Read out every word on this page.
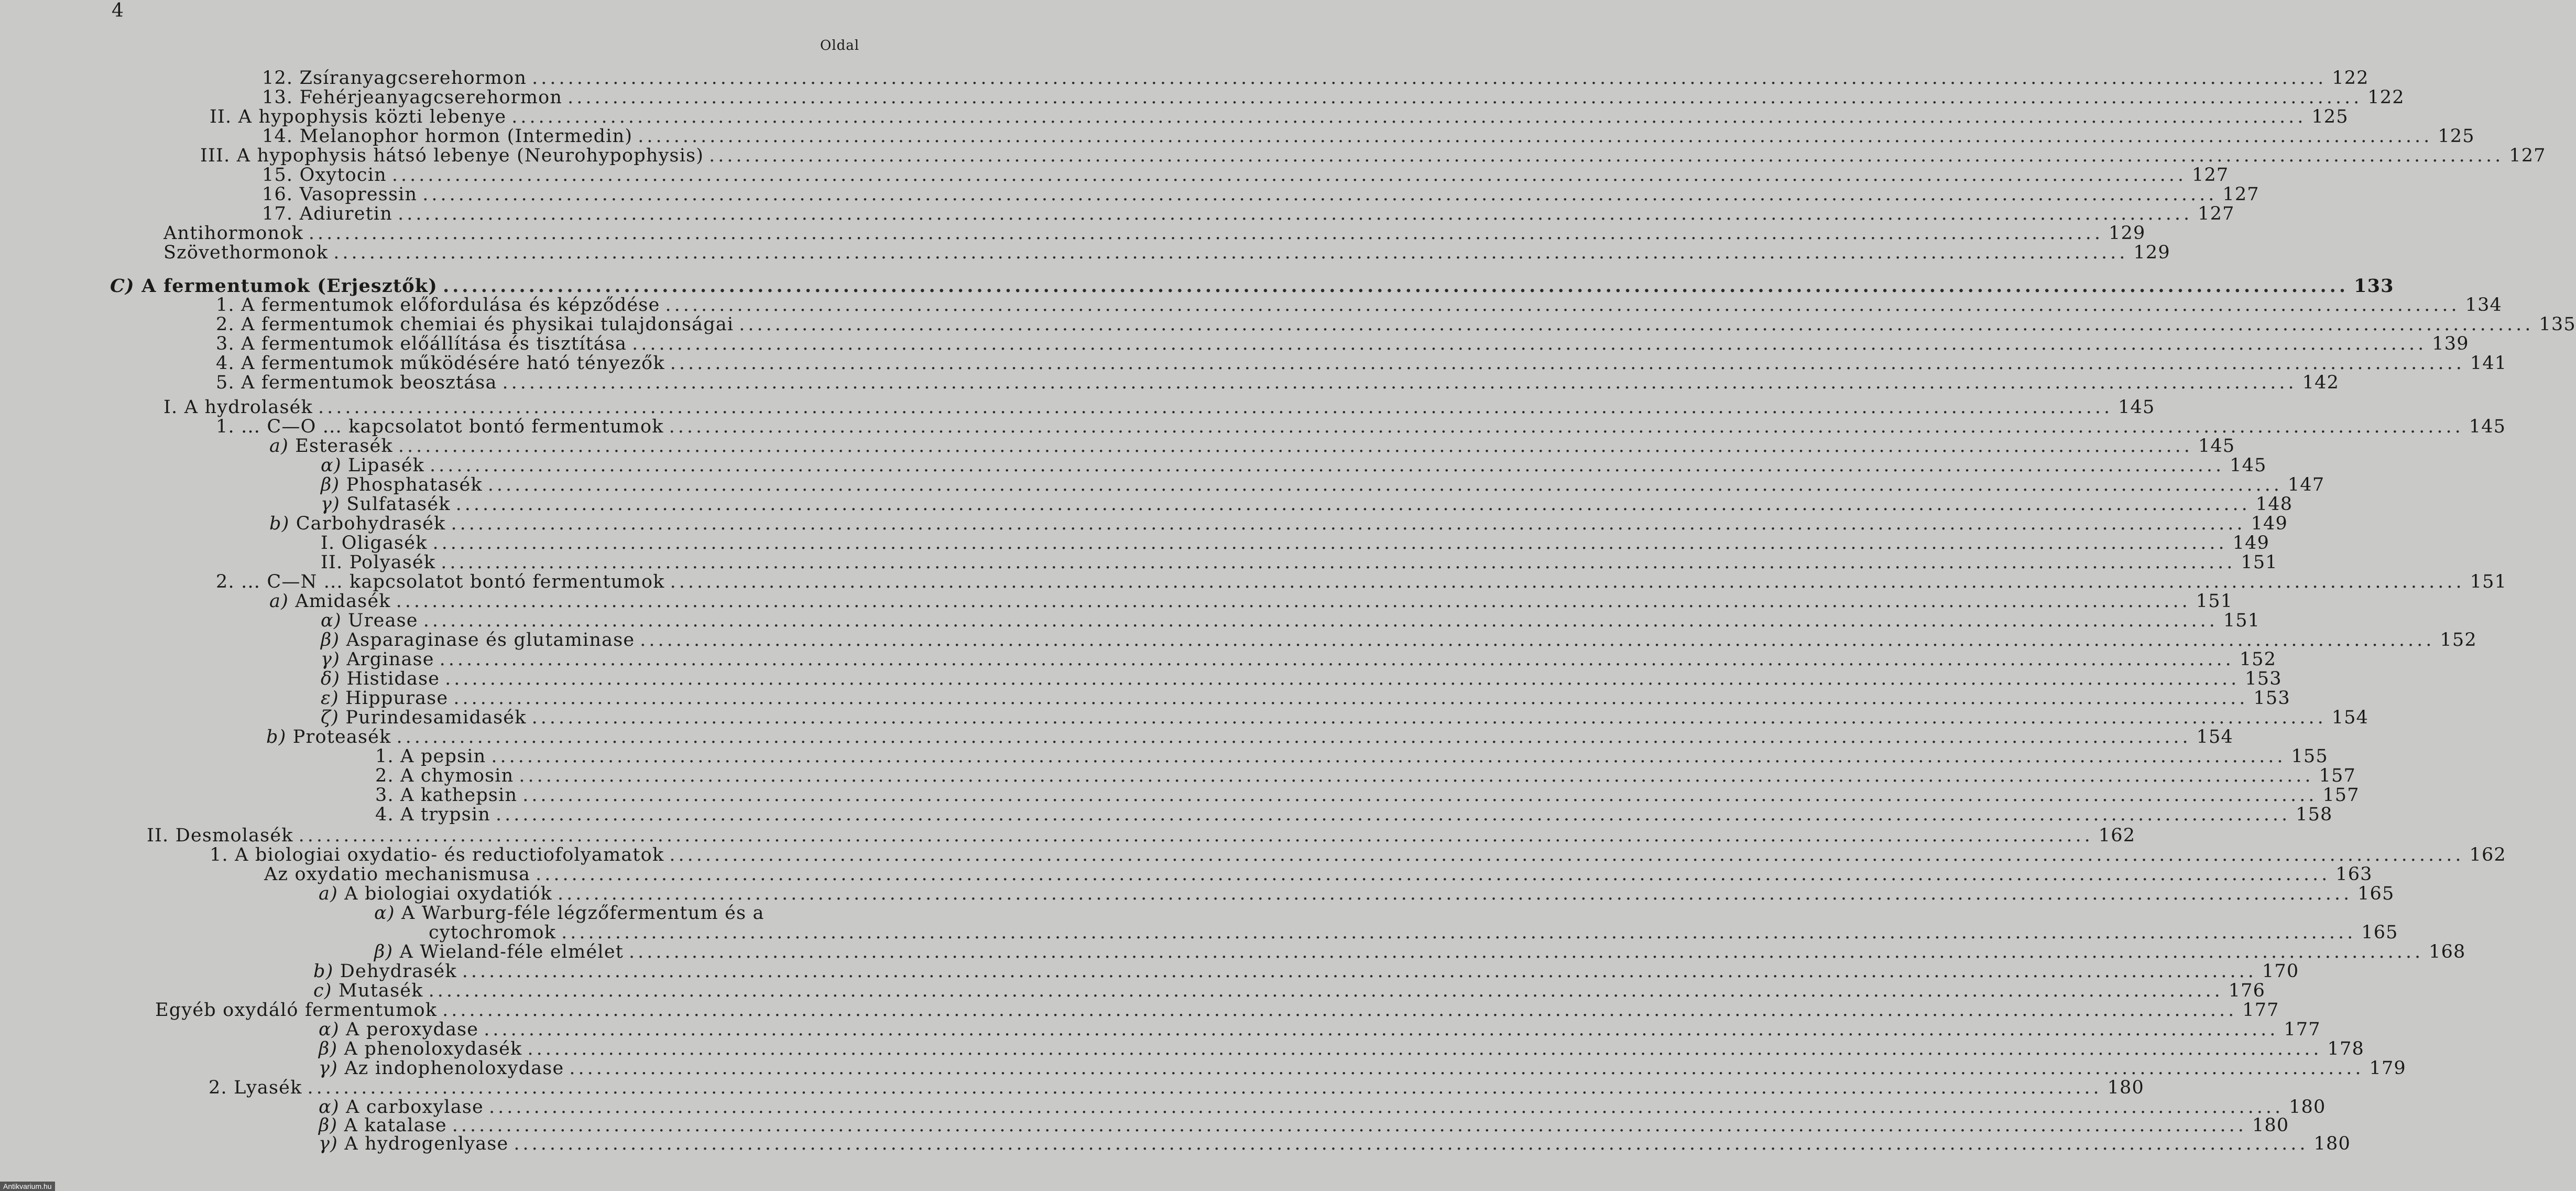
4
Oldal
12. Zsíranyagcserehormon ........................................................................................................................................................................................................ 122
13. Fehérjeanyagcserehormon ........................................................................................................................................................................................................ 122
II. A hypophysis közti lebenye ........................................................................................................................................................................................................ 125
14. Melanophor hormon (Intermedin) ........................................................................................................................................................................................................ 125
III. A hypophysis hátsó lebenye (Neurohypophysis) ........................................................................................................................................................................................................ 127
15. Oxytocin ........................................................................................................................................................................................................ 127
16. Vasopressin ........................................................................................................................................................................................................ 127
17. Adiuretin ........................................................................................................................................................................................................ 127
Antihormonok ........................................................................................................................................................................................................ 129
Szövethormonok ........................................................................................................................................................................................................ 129
C) A fermentumok (Erjesztők) ........................................................................................................................................................................................................ 133
1. A fermentumok előfordulása és képződése ........................................................................................................................................................................................................ 134
2. A fermentumok chemiai és physikai tulajdonságai ........................................................................................................................................................................................................ 135
3. A fermentumok előállítása és tisztítása ........................................................................................................................................................................................................ 139
4. A fermentumok működésére ható tényezők ........................................................................................................................................................................................................ 141
5. A fermentumok beosztása ........................................................................................................................................................................................................ 142
I. A hydrolasék ........................................................................................................................................................................................................ 145
1. ... C—O ... kapcsolatot bontó fermentumok ........................................................................................................................................................................................................ 145
a) Esterasék ........................................................................................................................................................................................................ 145
α) Lipasék ........................................................................................................................................................................................................ 145
β) Phosphatasék ........................................................................................................................................................................................................ 147
γ) Sulfatasék ........................................................................................................................................................................................................ 148
b) Carbohydrasék ........................................................................................................................................................................................................ 149
I. Oligasék ........................................................................................................................................................................................................ 149
II. Polyasék ........................................................................................................................................................................................................ 151
2. ... C—N ... kapcsolatot bontó fermentumok ........................................................................................................................................................................................................ 151
a) Amidasék ........................................................................................................................................................................................................ 151
α) Urease ........................................................................................................................................................................................................ 151
β) Asparaginase és glutaminase ........................................................................................................................................................................................................ 152
γ) Arginase ........................................................................................................................................................................................................ 152
δ) Histidase ........................................................................................................................................................................................................ 153
ε) Hippurase ........................................................................................................................................................................................................ 153
ζ) Purindesamidasék ........................................................................................................................................................................................................ 154
b) Proteasék ........................................................................................................................................................................................................ 154
1. A pepsin ........................................................................................................................................................................................................ 155
2. A chymosin ........................................................................................................................................................................................................ 157
3. A kathepsin ........................................................................................................................................................................................................ 157
4. A trypsin ........................................................................................................................................................................................................ 158
II. Desmolasék ........................................................................................................................................................................................................ 162
1. A biologiai oxydatio- és reductiofolyamatok ........................................................................................................................................................................................................ 162
Az oxydatio mechanismusa ........................................................................................................................................................................................................ 163
a) A biologiai oxydatiók ........................................................................................................................................................................................................ 165
α) A Warburg-féle légzőfermentum és a
cytochromok ........................................................................................................................................................................................................ 165
β) A Wieland-féle elmélet ........................................................................................................................................................................................................ 168
b) Dehydrasék ........................................................................................................................................................................................................ 170
c) Mutasék ........................................................................................................................................................................................................ 176
Egyéb oxydáló fermentumok ........................................................................................................................................................................................................ 177
α) A peroxydase ........................................................................................................................................................................................................ 177
β) A phenoloxydasék ........................................................................................................................................................................................................ 178
γ) Az indophenoloxydase ........................................................................................................................................................................................................ 179
2. Lyasék ........................................................................................................................................................................................................ 180
α) A carboxylase ........................................................................................................................................................................................................ 180
β) A katalase ........................................................................................................................................................................................................ 180
γ) A hydrogenlyase ........................................................................................................................................................................................................ 180
Antikvarium.hu
